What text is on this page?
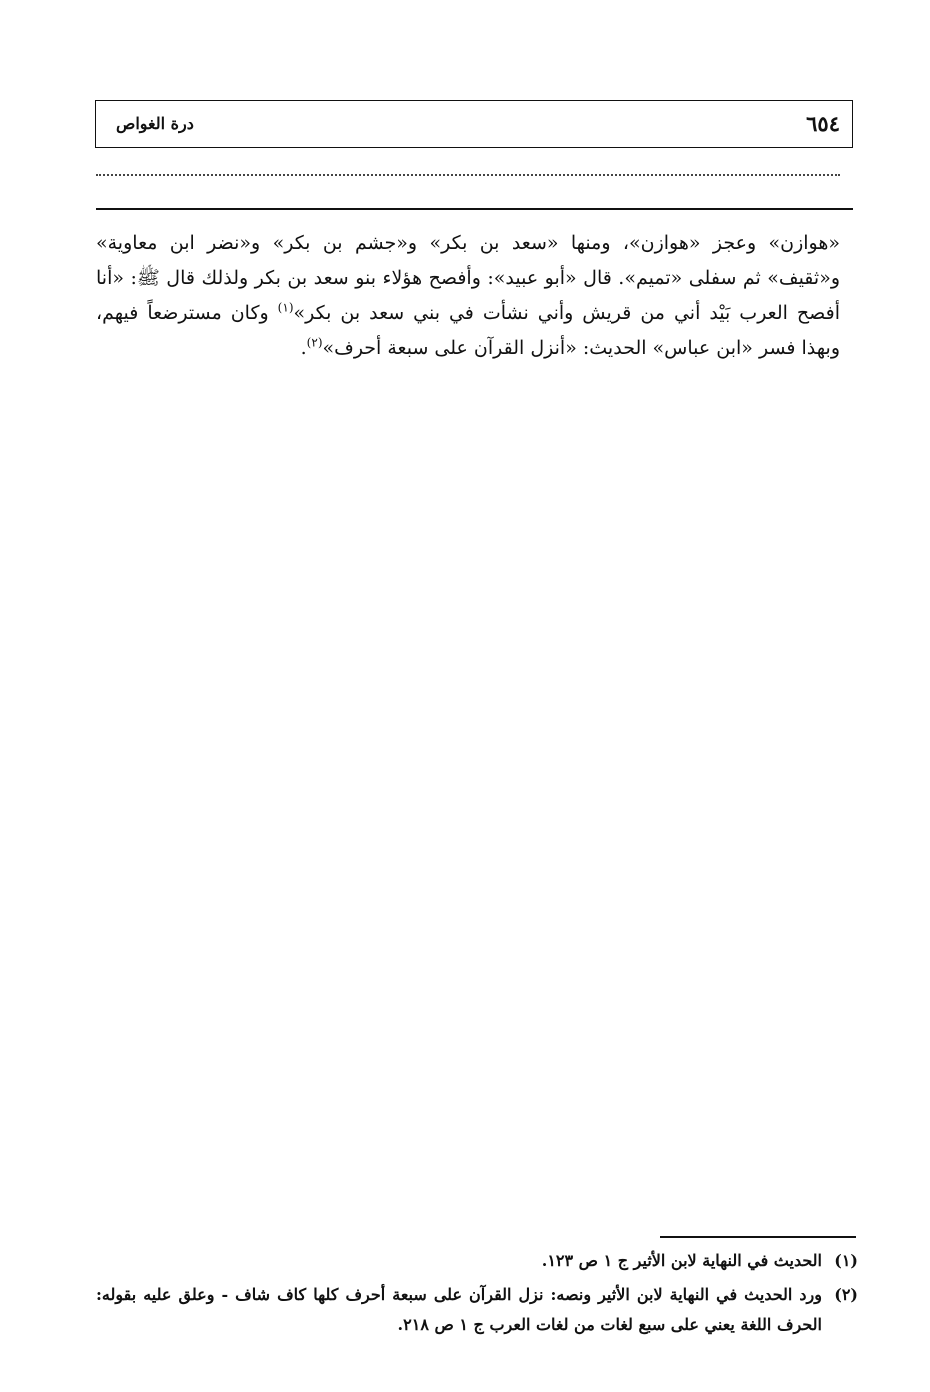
٦٥٤
درة الغواص

«هوازن» وعجز «هوازن»، ومنها «سعد بن بكر» و«جشم بن بكر» و«نضر ابن معاوية» و«ثقيف» ثم سفلى «تميم». قال «أبو عبيد»: وأفصح هؤلاء بنو سعد بن بكر ولذلك قال ﷺ: «أنا أفصح العرب بَيْد أني من قريش وأني نشأت في بني سعد بن بكر»$^{(١)}$ وكان مسترضعاً فيهم، وبهذا فسر «ابن عباس» الحديث: «أنزل القرآن على سبعة أحرف»$^{(٢)}$.

(١)
الحديث في النهاية لابن الأثير ج ١ ص ١٢٣.
(٢)
ورد الحديث في النهاية لابن الأثير ونصه: نزل القرآن على سبعة أحرف كلها كاف شاف - وعلق عليه بقوله: الحرف اللغة يعني على سبع لغات من لغات العرب ج ١ ص ٢١٨.
